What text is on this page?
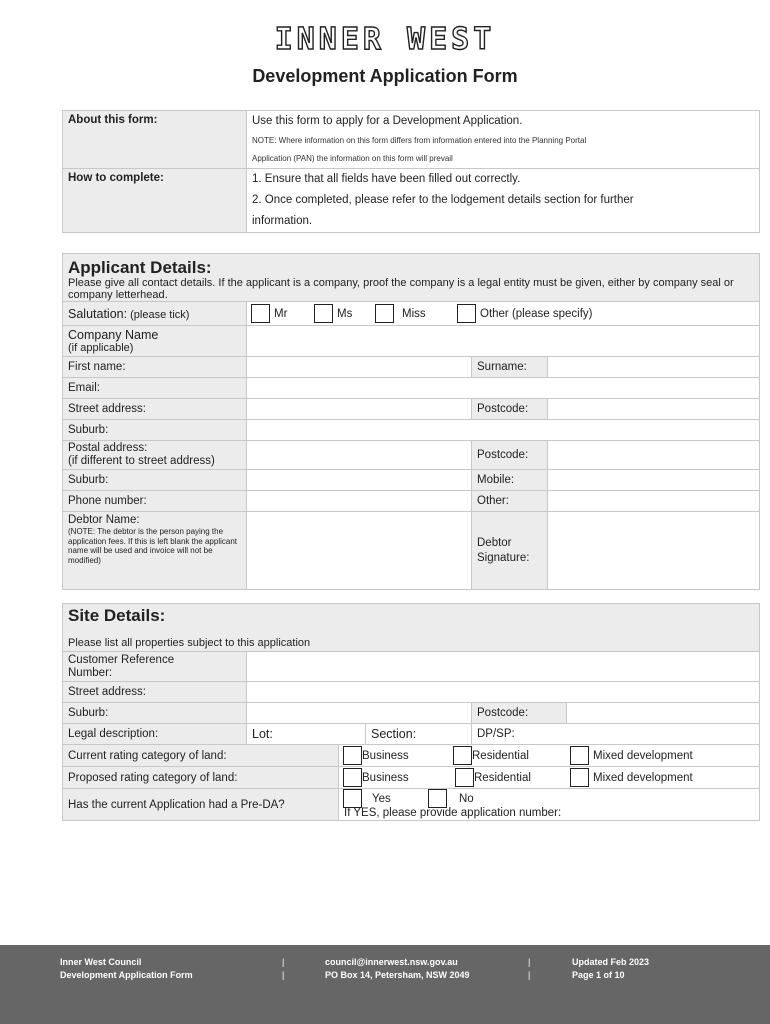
INNER WEST
Development Application Form
About this form:	Use this form to apply for a Development Application.
NOTE: Where information on this form differs from information entered into the Planning Portal
Application (PAN) the information on this form will prevail

How to complete:	1. Ensure that all fields have been filled out correctly.
2. Once completed, please refer to the lodgement details section for further
information.
Applicant Details:
Please give all contact details. If the applicant is a company, proof the company is a legal entity must be given, either by company seal or company letterhead.			

Salutation: (please tick)	Mr Ms Miss Other (please specify)		

Company Name
(if applicable)			

First name:		Surname:	
Email:			
Street address:		Postcode:	
Suburb:			

Postal address:
(if different to street address)		Postcode:	
Suburb:		Mobile:	
Phone number:		Other:	

Debtor Name:
(NOTE: The debtor is the person paying the application fees. If this is left blank the applicant name will be used and invoice will not be modified)		Debtor
Signature:	

Site Details:
Please list all properties subject to this application					

Customer Reference
Number:					

Street address:					
Suburb:				Postcode:	
Legal description:	Lot:		Section:	DP/SP:	
Current rating category of land:		Business Residential Mixed development			

Proposed rating category of land:		Business Residential Mixed development			

Has the current Application had a Pre-DA?		Yes No
If YES, please provide application number:			
Inner West Council
Development Application Form
|
|
council@innerwest.nsw.gov.au
PO Box 14, Petersham, NSW 2049
|
|
Updated Feb 2023
Page 1 of 10
